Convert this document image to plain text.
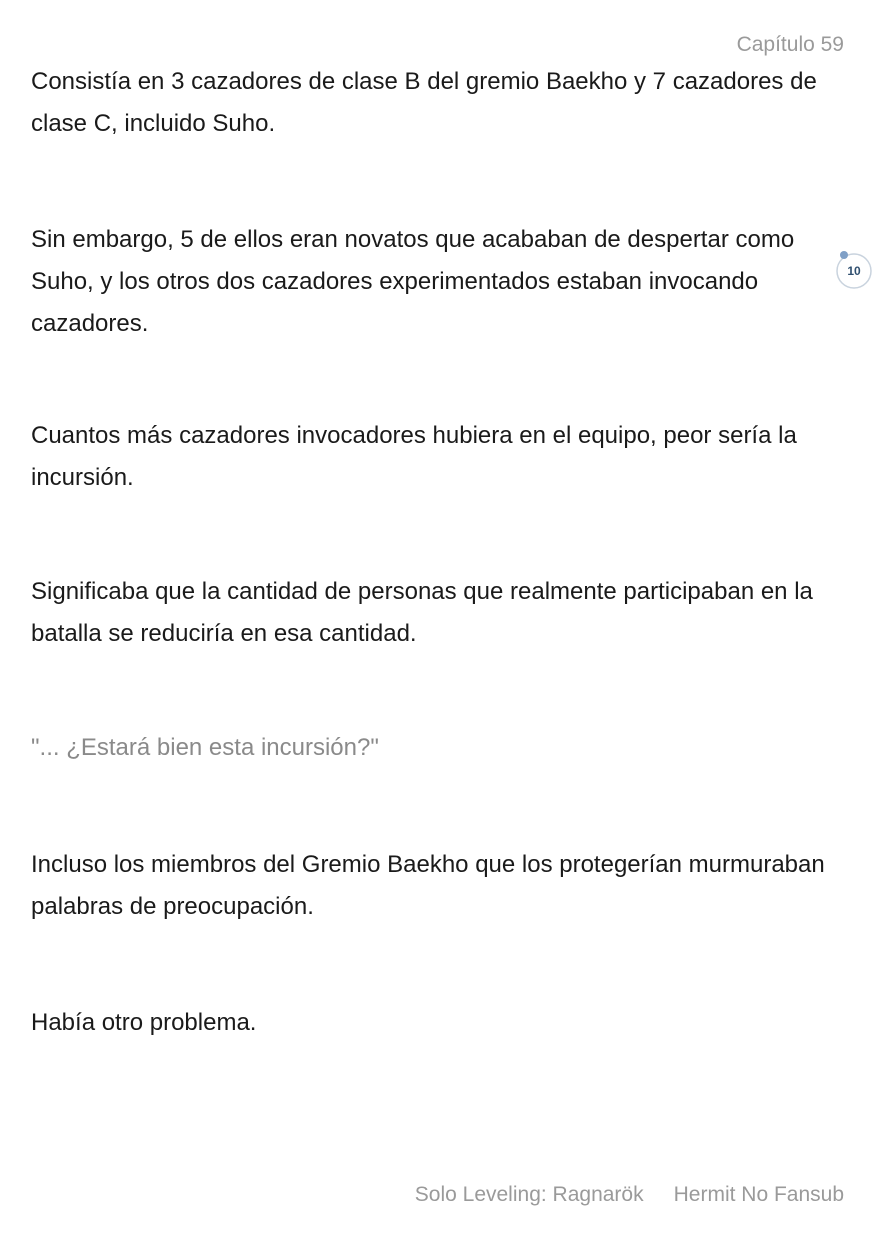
Capítulo 59
Consistía en 3 cazadores de clase B del gremio Baekho y 7 cazadores de clase C, incluido Suho.
Sin embargo, 5 de ellos eran novatos que acababan de despertar como Suho, y los otros dos cazadores experimentados estaban invocando cazadores.
Cuantos más cazadores invocadores hubiera en el equipo, peor sería la incursión.
Significaba que la cantidad de personas que realmente participaban en la batalla se reduciría en esa cantidad.
"... ¿Estará bien esta incursión?"
Incluso los miembros del Gremio Baekho que los protegerían murmuraban palabras de preocupación.
Había otro problema.
10
Solo Leveling: Ragnarök Hermit No Fansub
